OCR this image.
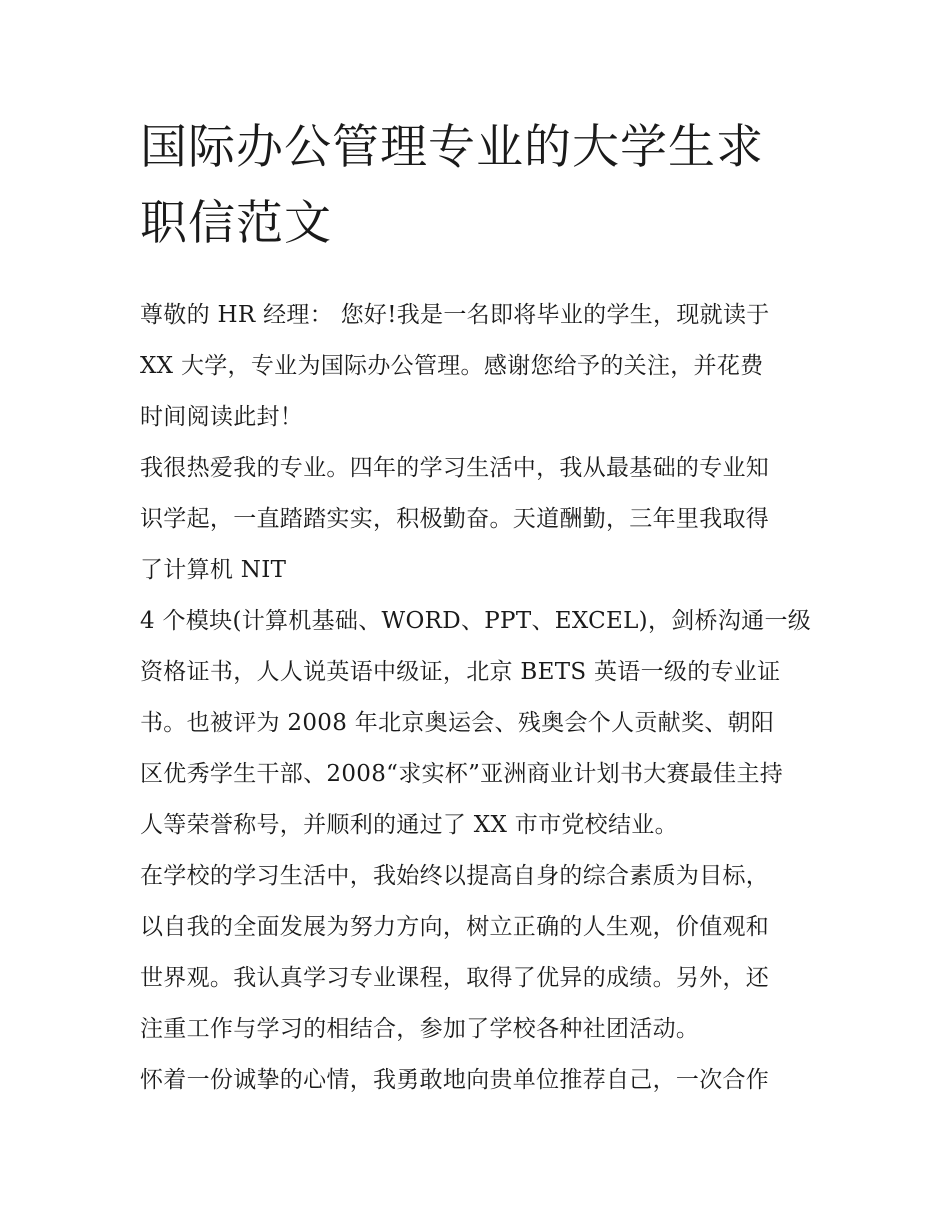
国际办公管理专业的大学生求
职信范文

尊敬的 HR 经理： 您好!我是一名即将毕业的学生，现就读于
XX 大学，专业为国际办公管理。感谢您给予的关注，并花费
时间阅读此封！

我很热爱我的专业。四年的学习生活中，我从最基础的专业知
识学起，一直踏踏实实，积极勤奋。天道酬勤，三年里我取得
了计算机 NIT

4 个模块(计算机基础、WORD、PPT、EXCEL)，剑桥沟通一级
资格证书，人人说英语中级证，北京 BETS 英语一级的专业证
书。也被评为 2008 年北京奥运会、残奥会个人贡献奖、朝阳
区优秀学生干部、2008“求实杯”亚洲商业计划书大赛最佳主持
人等荣誉称号，并顺利的通过了 XX 市市党校结业。

在学校的学习生活中，我始终以提高自身的综合素质为目标，
以自我的全面发展为努力方向，树立正确的人生观，价值观和
世界观。我认真学习专业课程，取得了优异的成绩。另外，还
注重工作与学习的相结合，参加了学校各种社团活动。

怀着一份诚挚的心情，我勇敢地向贵单位推荐自己，一次合作
